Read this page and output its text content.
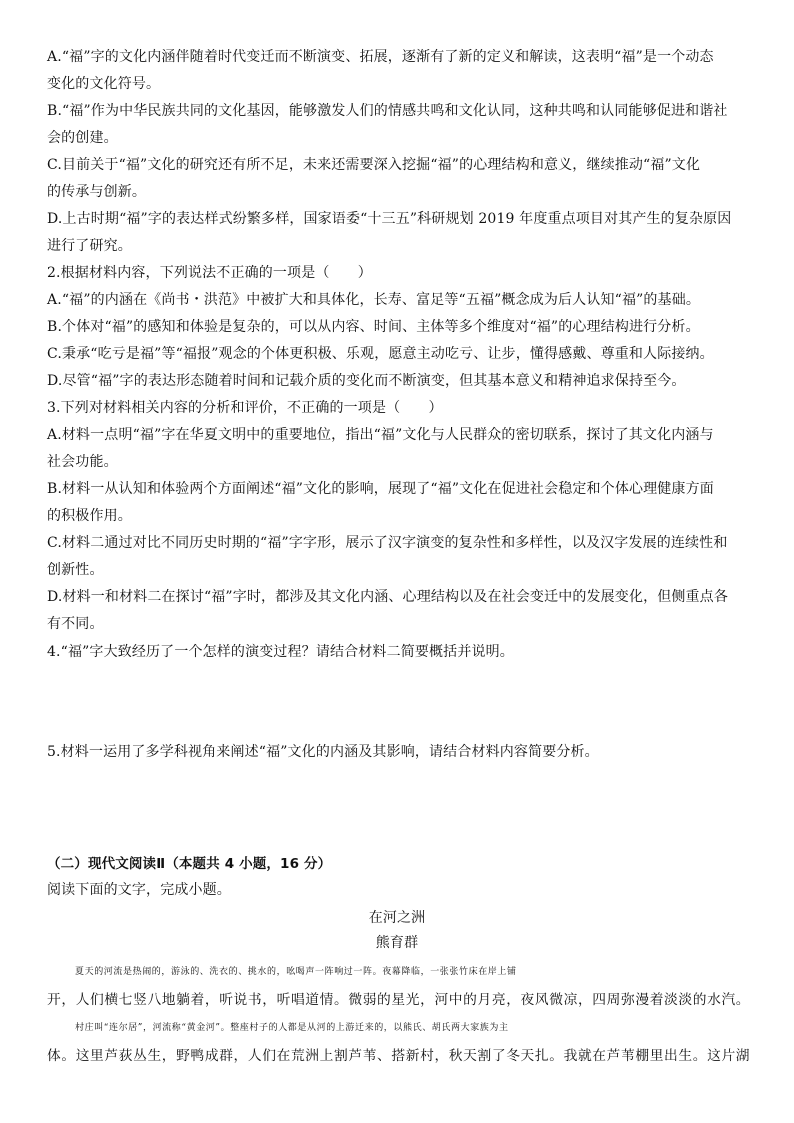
A.“福”字的文化内涵伴随着时代变迁而不断演变、拓展，逐渐有了新的定义和解读，这表明“福”是一个动态
变化的文化符号。
B.“福”作为中华民族共同的文化基因，能够激发人们的情感共鸣和文化认同，这种共鸣和认同能够促进和谐社
会的创建。
C.目前关于“福”文化的研究还有所不足，未来还需要深入挖掘“福”的心理结构和意义，继续推动“福”文化
的传承与创新。
D.上古时期“福”字的表达样式纷繁多样，国家语委“十三五”科研规划 2019 年度重点项目对其产生的复杂原因
进行了研究。
2.根据材料内容，下列说法不正确的一项是（　　）
A.“福”的内涵在《尚书・洪范》中被扩大和具体化，长寿、富足等“五福”概念成为后人认知“福”的基础。
B.个体对“福”的感知和体验是复杂的，可以从内容、时间、主体等多个维度对“福”的心理结构进行分析。
C.秉承“吃亏是福”等“福报”观念的个体更积极、乐观，愿意主动吃亏、让步，懂得感戴、尊重和人际接纳。
D.尽管“福”字的表达形态随着时间和记载介质的变化而不断演变，但其基本意义和精神追求保持至今。
3.下列对材料相关内容的分析和评价，不正确的一项是（　　）
A.材料一点明“福”字在华夏文明中的重要地位，指出“福”文化与人民群众的密切联系，探讨了其文化内涵与
社会功能。
B.材料一从认知和体验两个方面阐述“福”文化的影响，展现了“福”文化在促进社会稳定和个体心理健康方面
的积极作用。
C.材料二通过对比不同历史时期的“福”字字形，展示了汉字演变的复杂性和多样性，以及汉字发展的连续性和
创新性。
D.材料一和材料二在探讨“福”字时，都涉及其文化内涵、心理结构以及在社会变迁中的发展变化，但侧重点各
有不同。
4.“福”字大致经历了一个怎样的演变过程？请结合材料二简要概括并说明。
5.材料一运用了多学科视角来阐述“福”文化的内涵及其影响，请结合材料内容简要分析。
（二）现代文阅读Ⅱ（本题共 4 小题，16 分）
阅读下面的文字，完成小题。
在河之洲
熊育群
夏天的河流是热闹的，游泳的、洗衣的、挑水的，吆喝声一阵响过一阵。夜幕降临，一张张竹床在岸上铺
开，人们横七竖八地躺着，听说书，听唱道情。微弱的星光，河中的月亮，夜风微凉，四周弥漫着淡淡的水汽。
村庄叫“连尔居”，河流称“黄金河”。整座村子的人都是从河的上游迁来的，以熊氏、胡氏两大家族为主
体。这里芦荻丛生，野鸭成群，人们在荒洲上割芦苇、搭新村，秋天割了冬天扎。我就在芦苇棚里出生。这片湖
